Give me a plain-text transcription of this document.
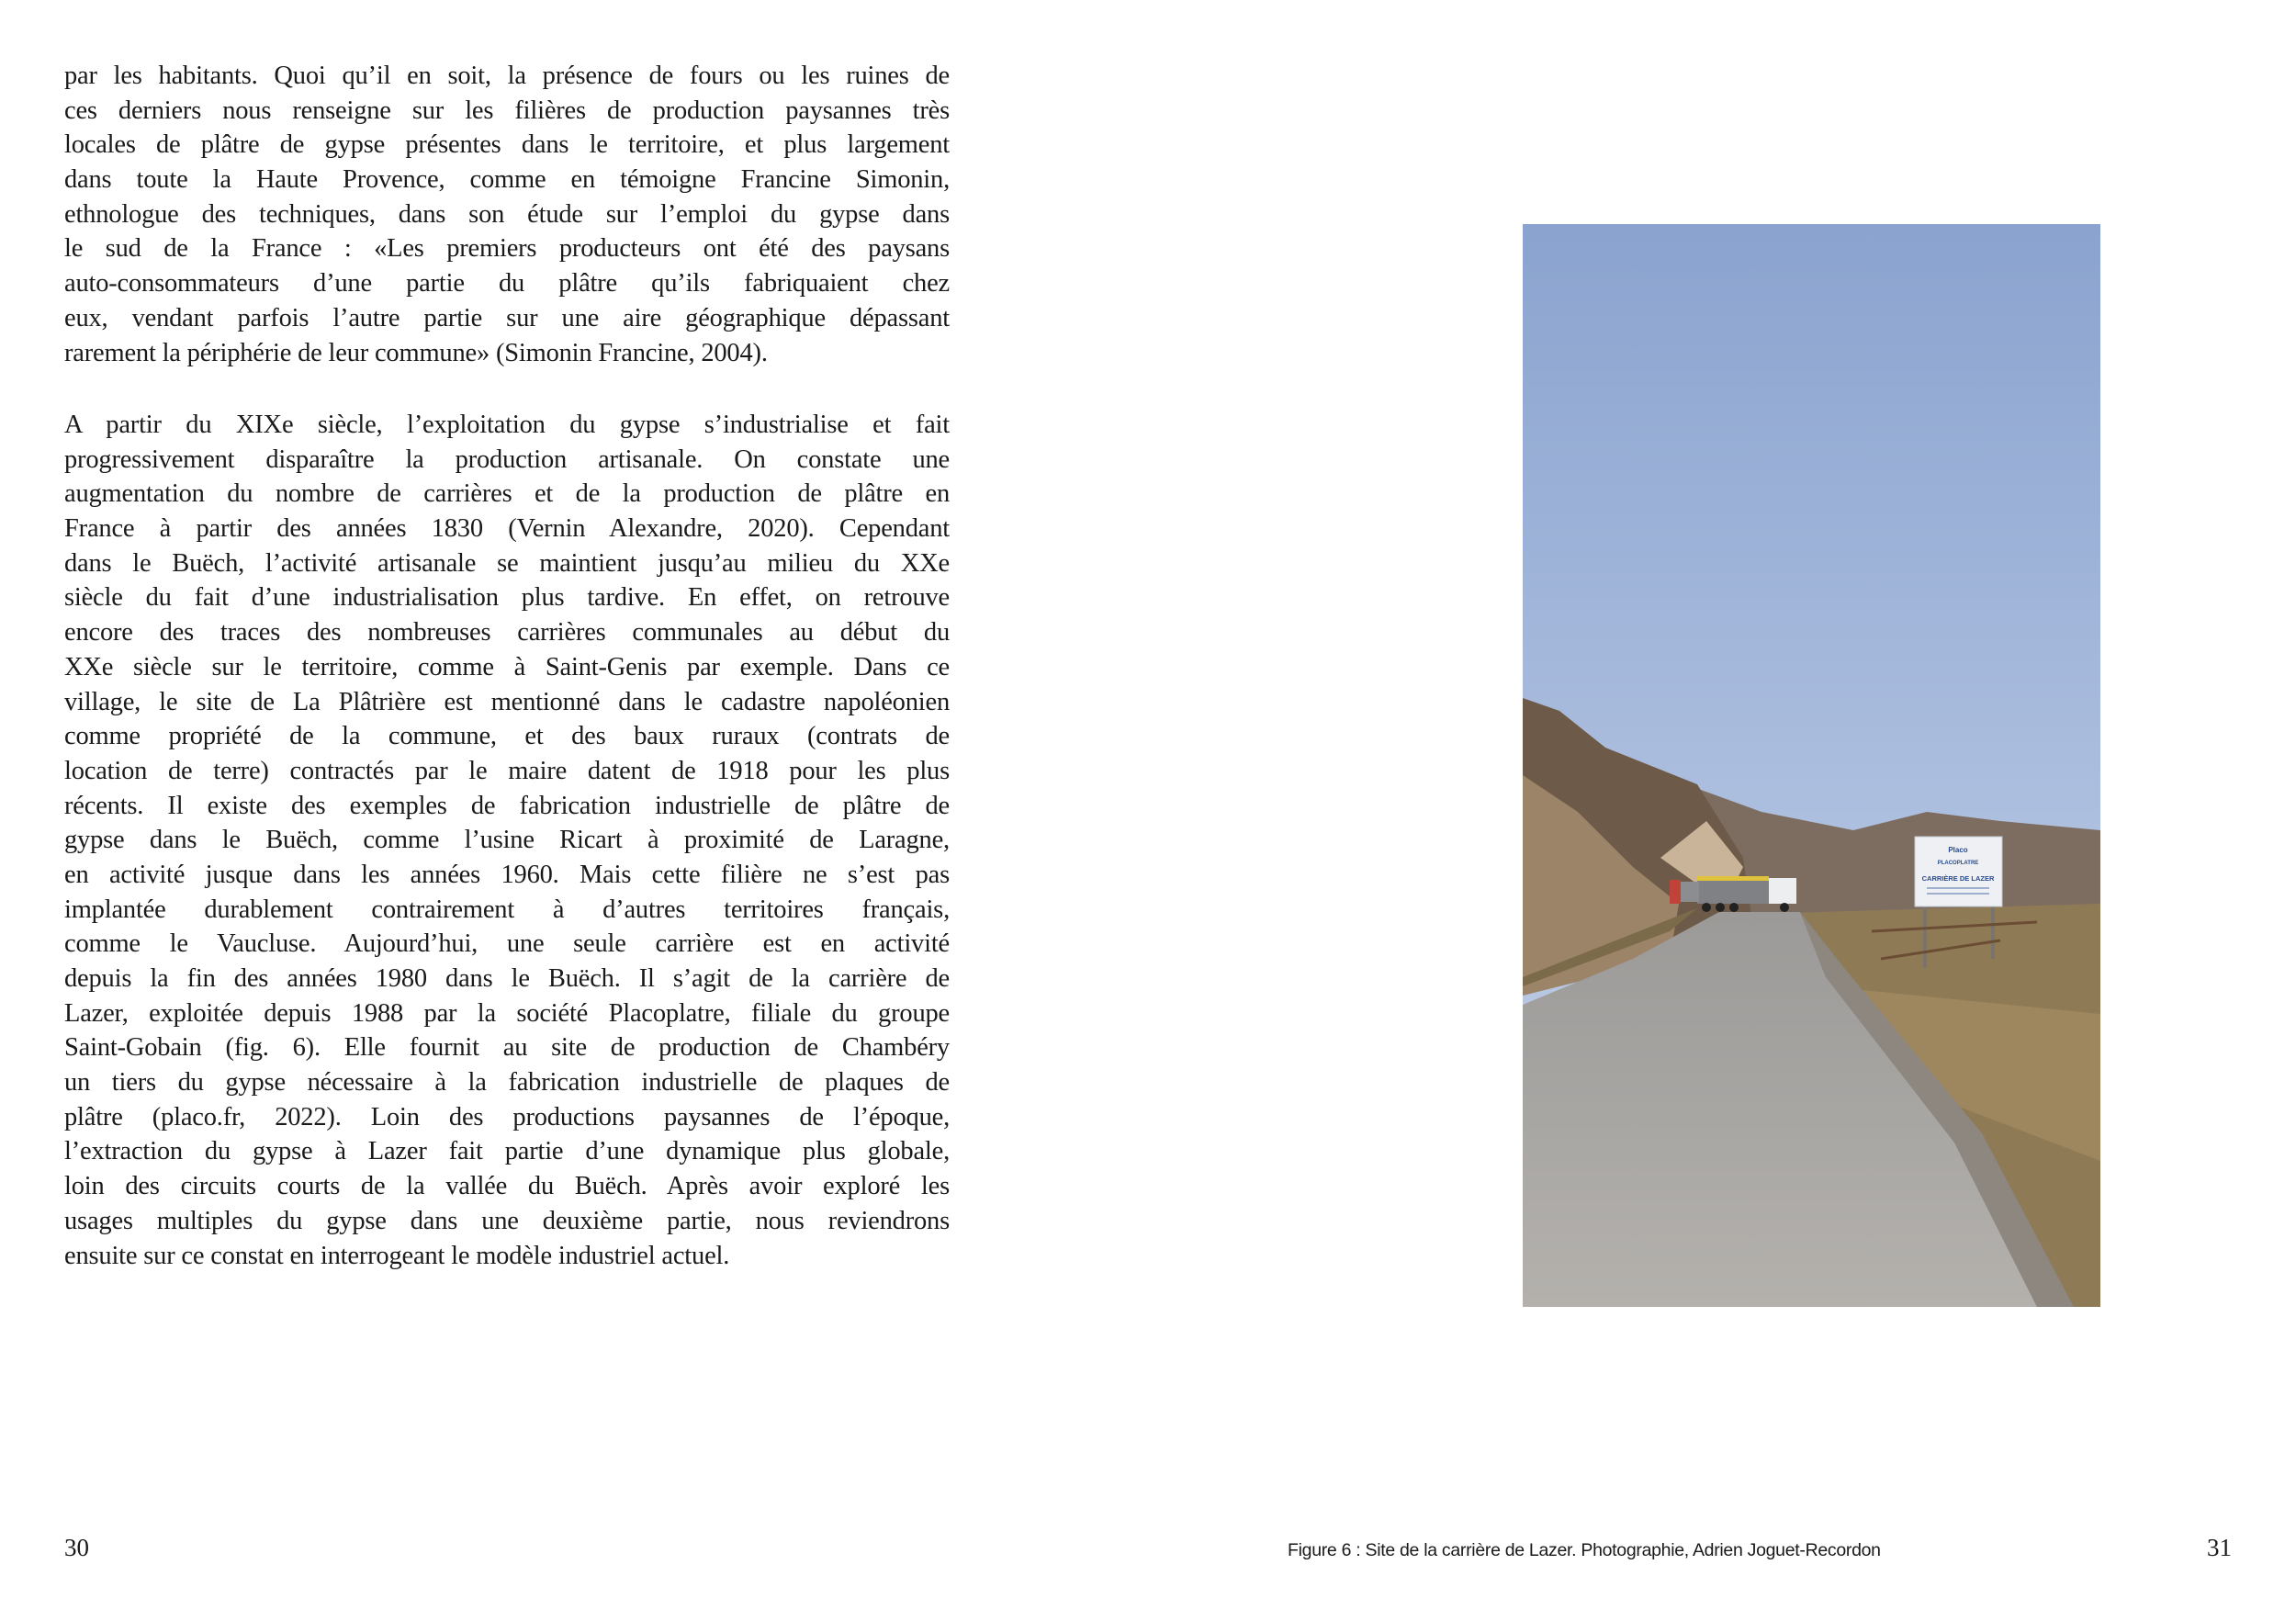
par les habitants. Quoi qu’il en soit, la présence de fours ou les ruines de
ces derniers nous renseigne sur les filières de production paysannes très
locales de plâtre de gypse présentes dans le territoire, et plus largement
dans toute la Haute Provence, comme en témoigne Francine Simonin,
ethnologue des techniques, dans son étude sur l’emploi du gypse dans
le sud de la France : «Les premiers producteurs ont été des paysans
auto-consommateurs d’une partie du plâtre qu’ils fabriquaient chez
eux, vendant parfois l’autre partie sur une aire géographique dépassant
rarement la périphérie de leur commune» (Simonin Francine, 2004).
A partir du XIXe siècle, l’exploitation du gypse s’industrialise et fait
progressivement disparaître la production artisanale. On constate une
augmentation du nombre de carrières et de la production de plâtre en
France à partir des années 1830 (Vernin Alexandre, 2020). Cependant
dans le Buëch, l’activité artisanale se maintient jusqu’au milieu du XXe
siècle du fait d’une industrialisation plus tardive. En effet, on retrouve
encore des traces des nombreuses carrières communales au début du
XXe siècle sur le territoire, comme à Saint-Genis par exemple. Dans ce
village, le site de La Plâtrière est mentionné dans le cadastre napoléonien
comme propriété de la commune, et des baux ruraux (contrats de
location de terre) contractés par le maire datent de 1918 pour les plus
récents. Il existe des exemples de fabrication industrielle de plâtre de
gypse dans le Buëch, comme l’usine Ricart à proximité de Laragne,
en activité jusque dans les années 1960. Mais cette filière ne s’est pas
implantée durablement contrairement à d’autres territoires français,
comme le Vaucluse. Aujourd’hui, une seule carrière est en activité
depuis la fin des années 1980 dans le Buëch. Il s’agit de la carrière de
Lazer, exploitée depuis 1988 par la société Placoplatre, filiale du groupe
Saint-Gobain (fig. 6). Elle fournit au site de production de Chambéry
un tiers du gypse nécessaire à la fabrication industrielle de plaques de
plâtre (placo.fr, 2022). Loin des productions paysannes de l’époque,
l’extraction du gypse à Lazer fait partie d’une dynamique plus globale,
loin des circuits courts de la vallée du Buëch. Après avoir exploré les
usages multiples du gypse dans une deuxième partie, nous reviendrons
ensuite sur ce constat en interrogeant le modèle industriel actuel.
30
Placo
PLACOPLATRE
CARRIÈRE DE LAZER
Figure 6 : Site de la carrière de Lazer. Photographie, Adrien Joguet-Recordon	31
